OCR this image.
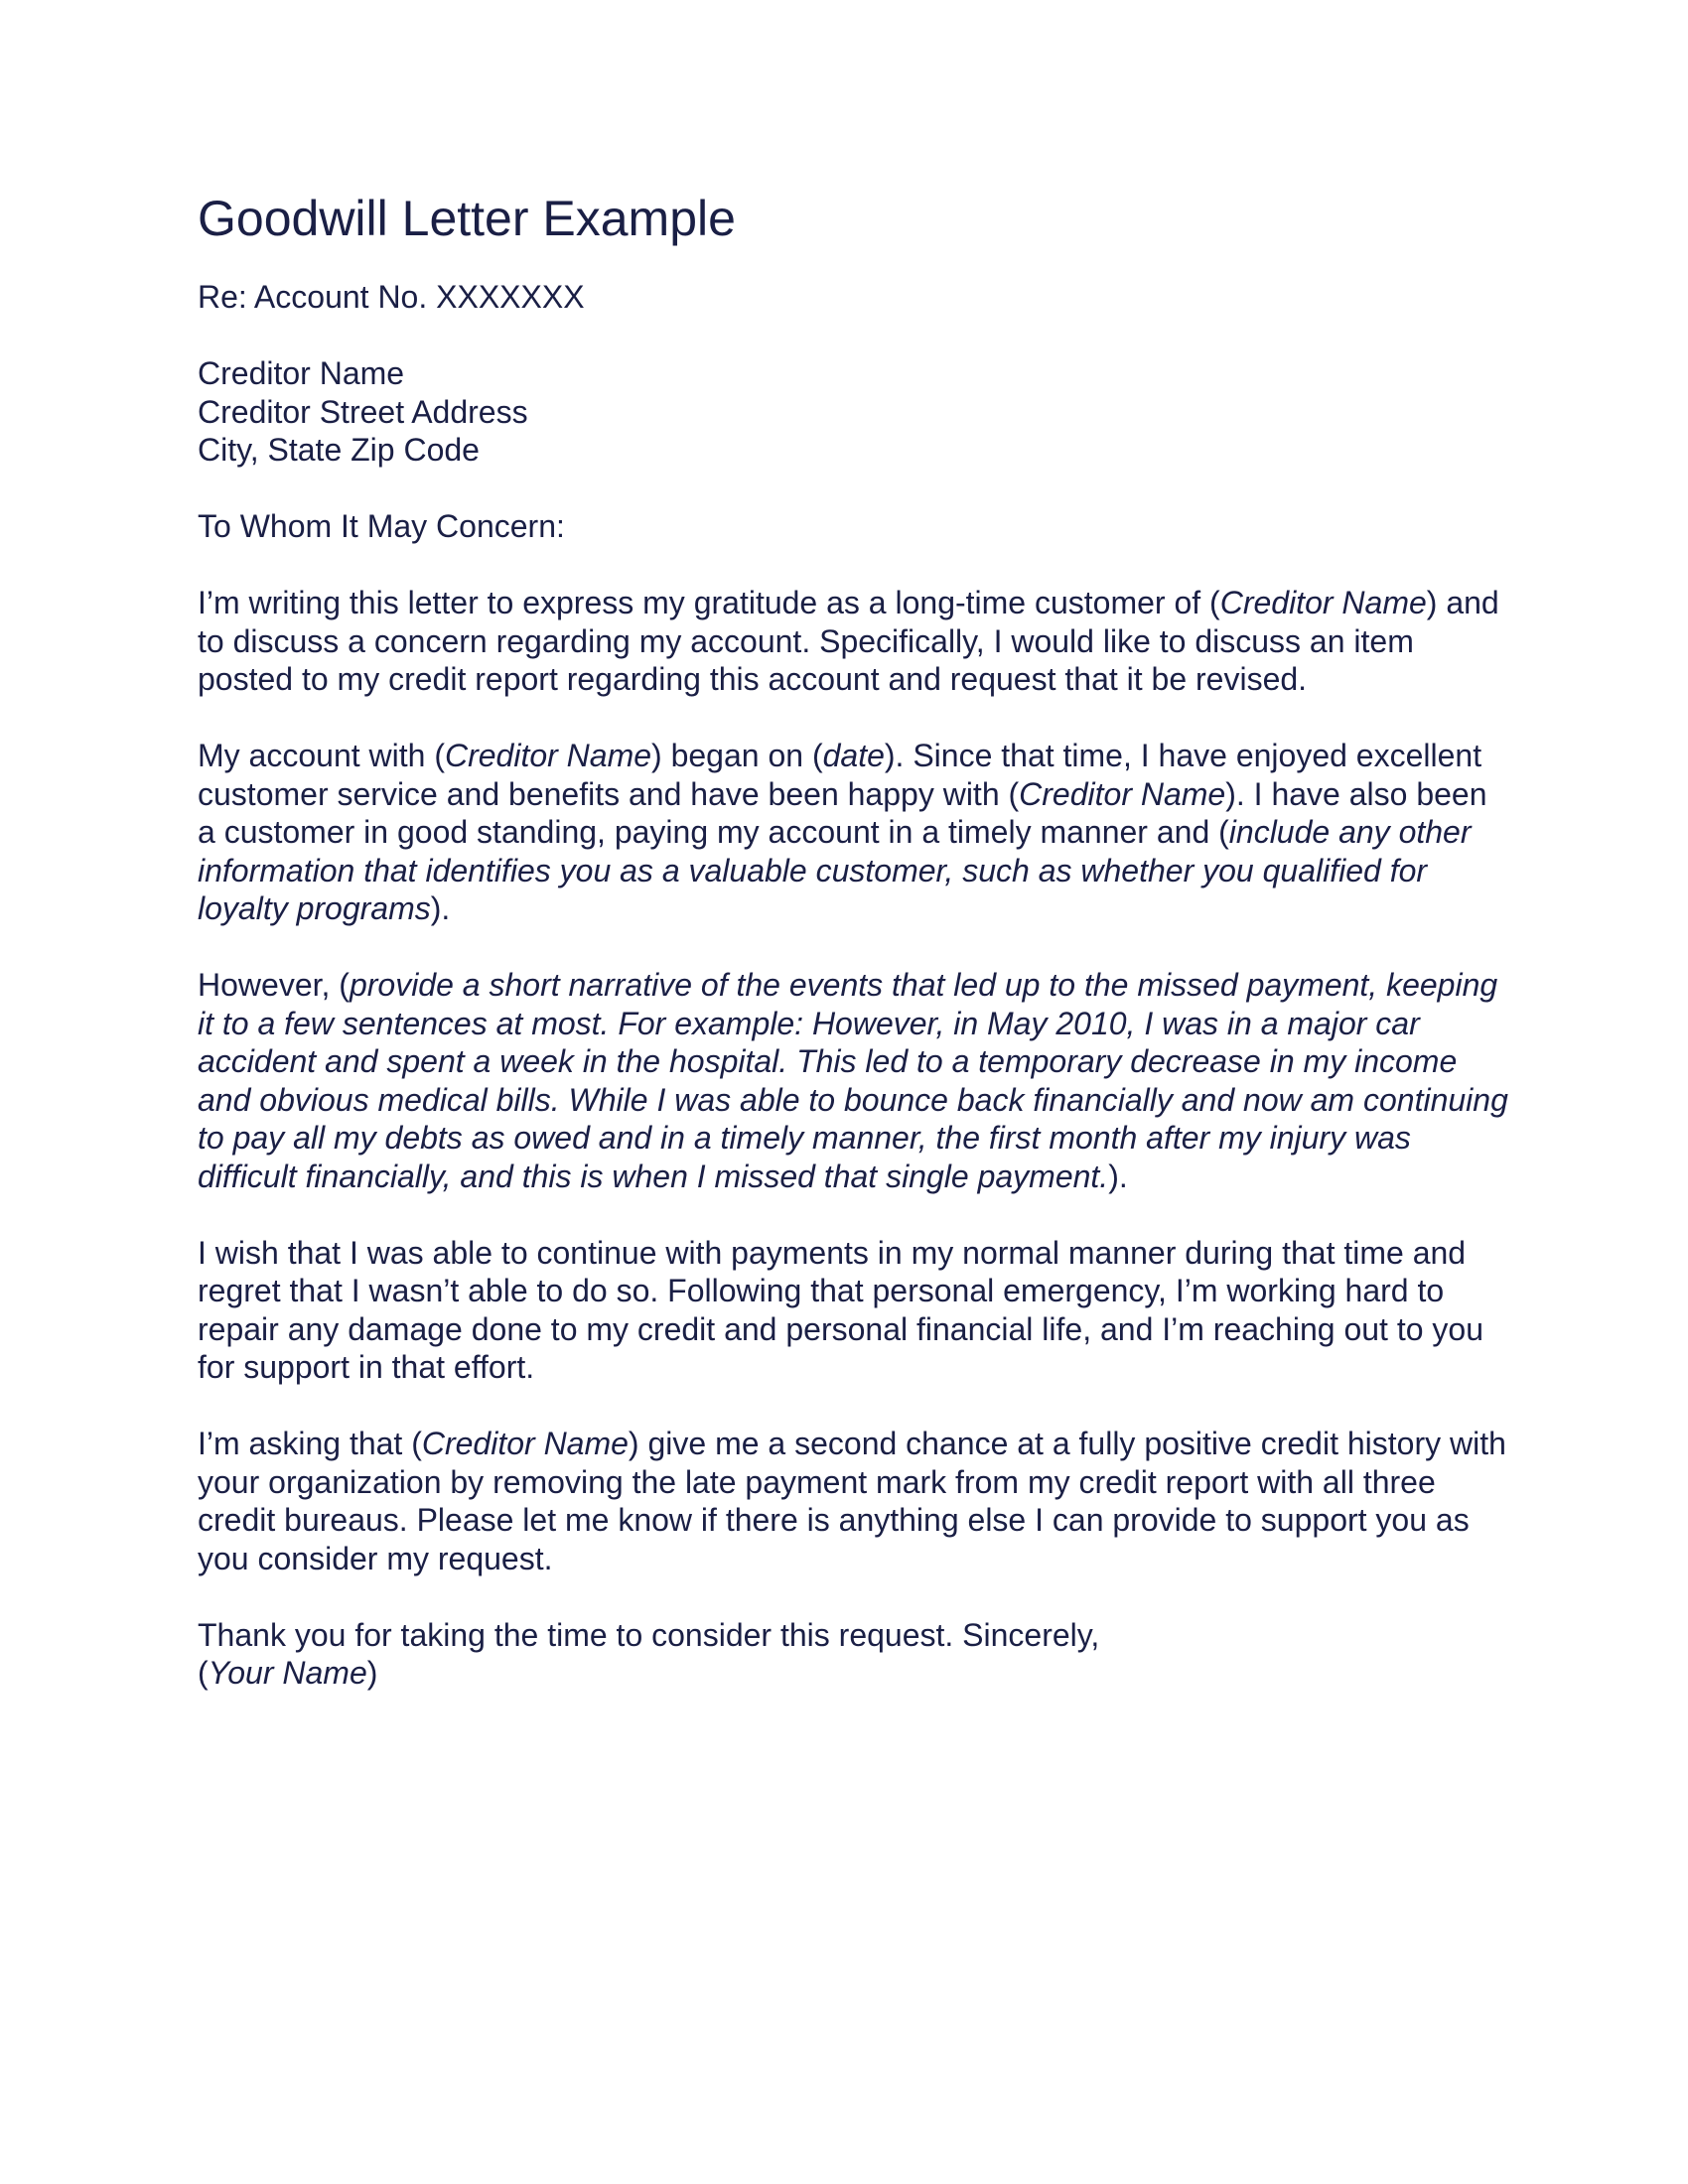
Goodwill Letter Example
Re: Account No. XXXXXXX
Creditor Name
Creditor Street Address
City, State Zip Code
To Whom It May Concern:

I’m writing this letter to express my gratitude as a long-time customer of (Creditor Name) and to discuss a concern regarding my account. Specifically, I would like to discuss an item posted to my credit report regarding this account and request that it be revised.

My account with (Creditor Name) began on (date). Since that time, I have enjoyed excellent customer service and benefits and have been happy with (Creditor Name). I have also been a customer in good standing, paying my account in a timely manner and (include any other information that identifies you as a valuable customer, such as whether you qualified for loyalty programs).

However, (provide a short narrative of the events that led up to the missed payment, keeping it to a few sentences at most. For example: However, in May 2010, I was in a major car accident and spent a week in the hospital. This led to a temporary decrease in my income and obvious medical bills. While I was able to bounce back financially and now am continuing to pay all my debts as owed and in a timely manner, the first month after my injury was difficult financially, and this is when I missed that single payment.).

I wish that I was able to continue with payments in my normal manner during that time and regret that I wasn’t able to do so. Following that personal emergency, I’m working hard to repair any damage done to my credit and personal financial life, and I’m reaching out to you for support in that effort.

I’m asking that (Creditor Name) give me a second chance at a fully positive credit history with your organization by removing the late payment mark from my credit report with all three credit bureaus. Please let me know if there is anything else I can provide to support you as you consider my request.

Thank you for taking the time to consider this request. Sincerely,
(Your Name)
